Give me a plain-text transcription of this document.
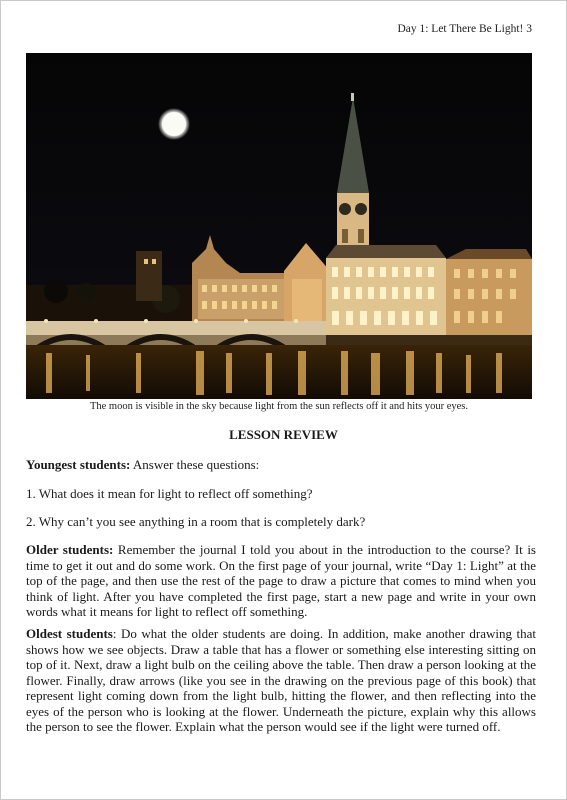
Day 1: Let There Be Light! 3
The moon is visible in the sky because light from the sun reflects off it and hits your eyes.
LESSON REVIEW
Youngest students: Answer these questions:
1. What does it mean for light to reflect off something?
2. Why can’t you see anything in a room that is completely dark?
Older students: Remember the journal I told you about in the introduction to the course? It is time to get it out and do some work. On the first page of your journal, write “Day 1: Light” at the top of the page, and then use the rest of the page to draw a picture that comes to mind when you think of light. After you have completed the first page, start a new page and write in your own words what it means for light to reflect off something.
Oldest students: Do what the older students are doing. In addition, make another drawing that shows how we see objects. Draw a table that has a flower or something else interesting sitting on top of it. Next, draw a light bulb on the ceiling above the table. Then draw a person looking at the flower. Finally, draw arrows (like you see in the drawing on the previous page of this book) that represent light coming down from the light bulb, hitting the flower, and then reflecting into the eyes of the person who is looking at the flower. Underneath the picture, explain why this allows the person to see the flower. Explain what the person would see if the light were turned off.
